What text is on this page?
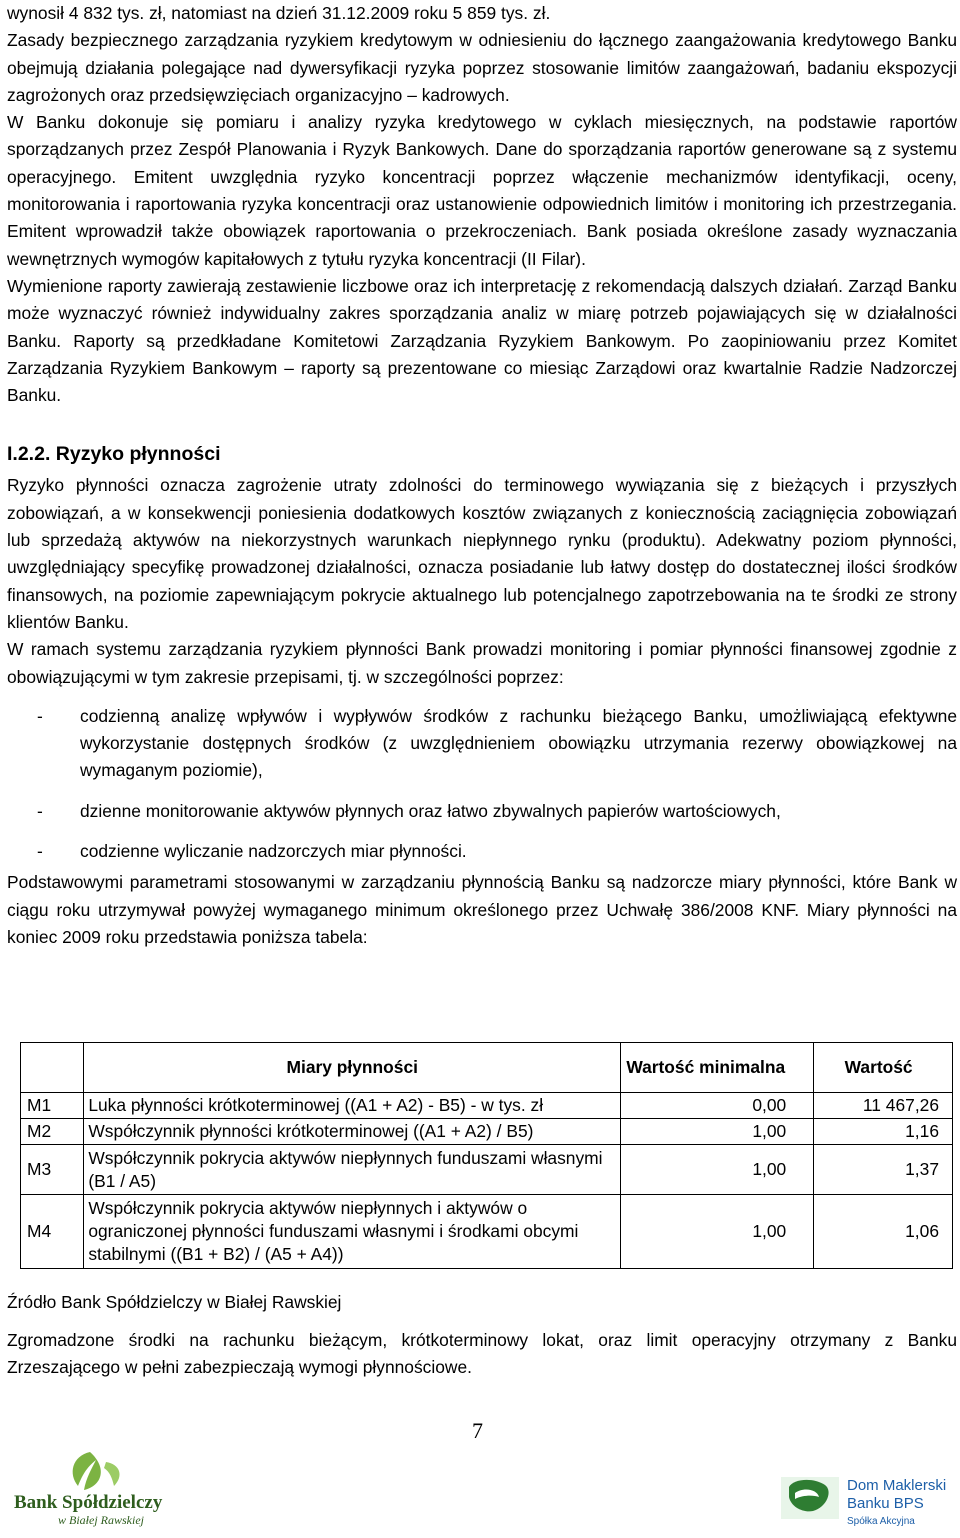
wynosił 4 832 tys. zł, natomiast na dzień 31.12.2009 roku 5 859 tys. zł.

Zasady bezpiecznego zarządzania ryzykiem kredytowym w odniesieniu do łącznego zaangażowania kredytowego Banku obejmują działania polegające nad dywersyfikacji ryzyka poprzez stosowanie limitów zaangażowań, badaniu ekspozycji zagrożonych oraz przedsięwzięciach organizacyjno – kadrowych.

W Banku dokonuje się pomiaru i analizy ryzyka kredytowego w cyklach miesięcznych, na podstawie raportów sporządzanych przez Zespół Planowania i Ryzyk Bankowych. Dane do sporządzania raportów generowane są z systemu operacyjnego. Emitent uwzględnia ryzyko koncentracji poprzez włączenie mechanizmów identyfikacji, oceny, monitorowania i raportowania ryzyka koncentracji oraz ustanowienie odpowiednich limitów i monitoring ich przestrzegania. Emitent wprowadził także obowiązek raportowania o przekroczeniach. Bank posiada określone zasady wyznaczania wewnętrznych wymogów kapitałowych z tytułu ryzyka koncentracji (II Filar).

Wymienione raporty zawierają zestawienie liczbowe oraz ich interpretację z rekomendacją dalszych działań. Zarząd Banku może wyznaczyć również indywidualny zakres sporządzania analiz w miarę potrzeb pojawiających się w działalności Banku. Raporty są przedkładane Komitetowi Zarządzania Ryzykiem Bankowym. Po zaopiniowaniu przez Komitet Zarządzania Ryzykiem Bankowym – raporty są prezentowane co miesiąc Zarządowi oraz kwartalnie Radzie Nadzorczej Banku.

I.2.2. Ryzyko płynności

Ryzyko płynności oznacza zagrożenie utraty zdolności do terminowego wywiązania się z bieżących i przyszłych zobowiązań, a w konsekwencji poniesienia dodatkowych kosztów związanych z koniecznością zaciągnięcia zobowiązań lub sprzedażą aktywów na niekorzystnych warunkach niepłynnego rynku (produktu). Adekwatny poziom płynności, uwzględniający specyfikę prowadzonej działalności, oznacza posiadanie lub łatwy dostęp do dostatecznej ilości środków finansowych, na poziomie zapewniającym pokrycie aktualnego lub potencjalnego zapotrzebowania na te środki ze strony klientów Banku.

W ramach systemu zarządzania ryzykiem płynności Bank prowadzi monitoring i pomiar płynności finansowej zgodnie z obowiązującymi w tym zakresie przepisami, tj. w szczególności poprzez:

- codzienną analizę wpływów i wypływów środków z rachunku bieżącego Banku, umożliwiającą efektywne wykorzystanie dostępnych środków (z uwzględnieniem obowiązku utrzymania rezerwy obowiązkowej na wymaganym poziomie),
- dzienne monitorowanie aktywów płynnych oraz łatwo zbywalnych papierów wartościowych,
- codzienne wyliczanie nadzorczych miar płynności.

Podstawowymi parametrami stosowanymi w zarządzaniu płynnością Banku są nadzorcze miary płynności, które Bank w ciągu roku utrzymywał powyżej wymaganego minimum określonego przez Uchwałę 386/2008 KNF. Miary płynności na koniec 2009 roku przedstawia poniższa tabela:

	Miary płynności	Wartość minimalna	Wartość
M1	Luka płynności krótkoterminowej ((A1 + A2) - B5) - w tys. zł	0,00	11 467,26
M2	Współczynnik płynności krótkoterminowej ((A1 + A2) / B5)	1,00	1,16
M3	Współczynnik pokrycia aktywów niepłynnych funduszami własnymi (B1 / A5)	1,00	1,37
M4	Współczynnik pokrycia aktywów niepłynnych i aktywów o ograniczonej płynności funduszami własnymi i środkami obcymi stabilnymi ((B1 + B2) / (A5 + A4))	1,00	1,06
Źródło Bank Spółdzielczy w Białej Rawskiej

Zgromadzone środki na rachunku bieżącym, krótkoterminowy lokat, oraz limit operacyjny otrzymany z Banku Zrzeszającego w pełni zabezpieczają wymogi płynnościowe.

7
Bank Spółdzielczy
w Białej Rawskiej
Dom Maklerski
Banku BPS
Spółka Akcyjna
